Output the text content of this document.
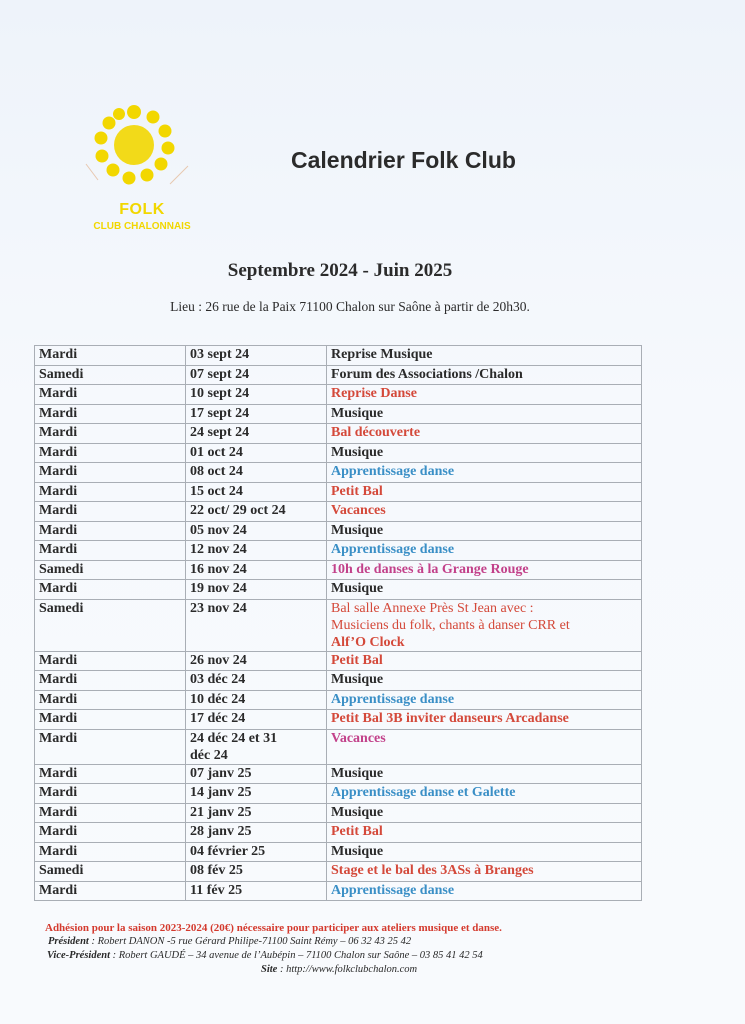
FOLK
CLUB CHALONNAIS
Calendrier Folk Club
Septembre 2024 - Juin 2025
Lieu : 26 rue de la Paix 71100 Chalon sur Saône à partir de 20h30.
Mardi	03 sept 24	Reprise Musique

Samedi	07 sept 24	Forum des Associations /Chalon

Mardi	10 sept 24	Reprise Danse

Mardi	17 sept 24	Musique

Mardi	24 sept 24	Bal découverte

Mardi	01 oct 24	Musique

Mardi	08 oct 24	Apprentissage danse

Mardi	15 oct 24	Petit Bal

Mardi	22 oct/ 29 oct 24	Vacances

Mardi	05 nov 24	Musique

Mardi	12 nov 24	Apprentissage danse

Samedi	16 nov 24	10h de danses à la Grange Rouge

Mardi	19 nov 24	Musique

Samedi	23 nov 24	Bal salle Annexe Près St Jean avec :
Musiciens du folk, chants à danser CRR et
Alf’O Clock

Mardi	26 nov 24	Petit Bal

Mardi	03 déc 24	Musique

Mardi	10 déc 24	Apprentissage danse

Mardi	17 déc 24	Petit Bal 3B inviter danseurs Arcadanse

Mardi	24 déc 24 et 31
déc 24	Vacances

Mardi	07 janv 25	Musique

Mardi	14 janv 25	Apprentissage danse et Galette

Mardi	21 janv 25	Musique

Mardi	28 janv 25	Petit Bal

Mardi	04 février 25	Musique

Samedi	08 fév 25	Stage et le bal des 3ASs à Branges

Mardi	11 fév 25	Apprentissage danse
Adhésion pour la saison 2023-2024 (20€) nécessaire pour participer aux ateliers musique et danse.
Président : Robert DANON -5 rue Gérard Philipe-71100 Saint Rémy – 06 32 43 25 42
Vice-Président : Robert GAUDÉ – 34 avenue de l’Aubépin – 71100 Chalon sur Saône – 03 85 41 42 54
Site : http://www.folkclubchalon.com
